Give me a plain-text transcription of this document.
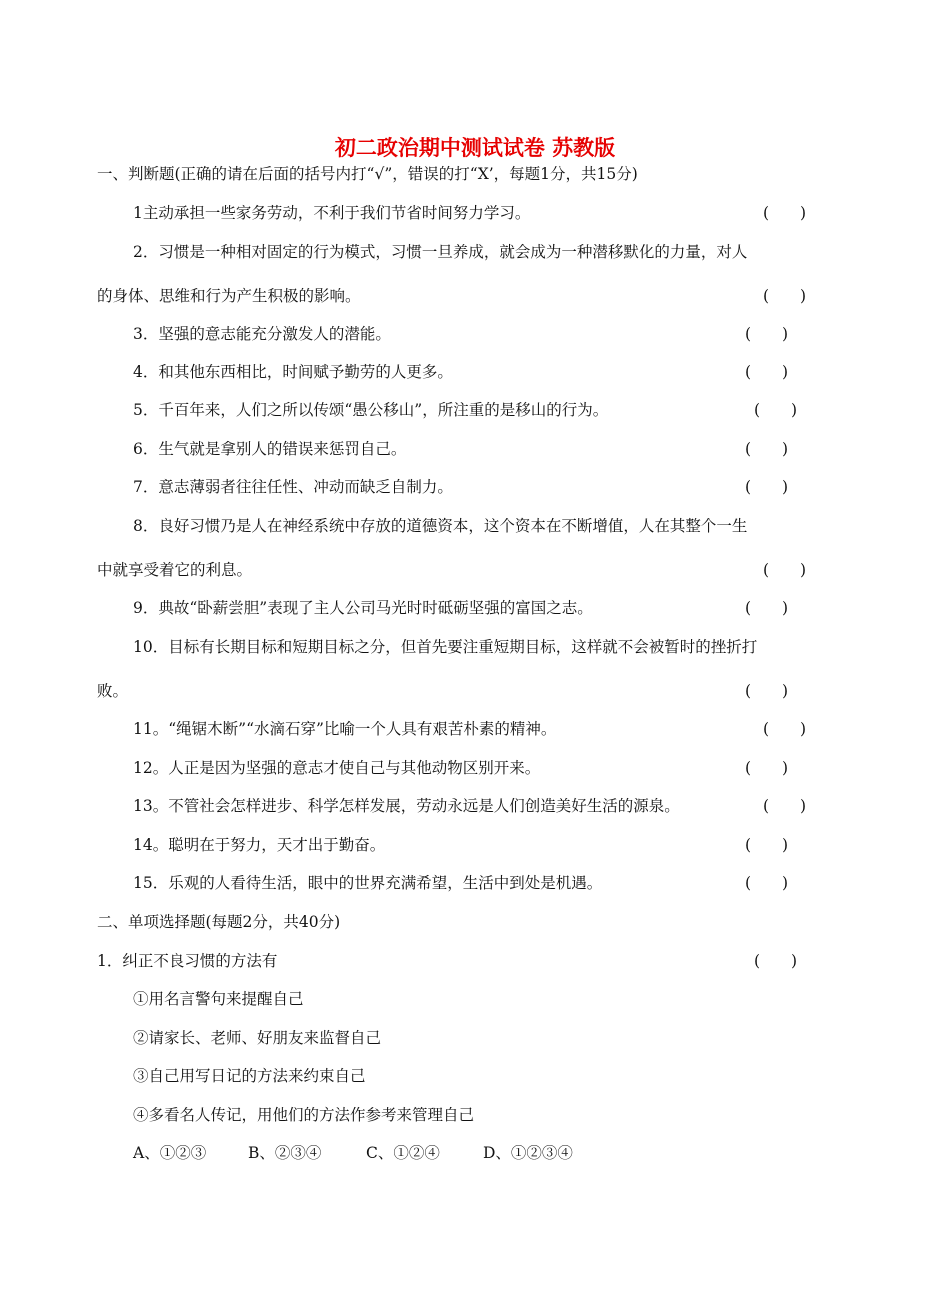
初二政治期中测试试卷 苏教版
一、判断题(正确的请在后面的括号内打“√”，错误的打“X’，每题1分，共15分)
1主动承担一些家务劳动，不利于我们节省时间努力学习。	(　　)
2．习惯是一种相对固定的行为模式，习惯一旦养成，就会成为一种潜移默化的力量，对人
的身体、思维和行为产生积极的影响。	(　　)
3．坚强的意志能充分激发人的潜能。	(　　)
4．和其他东西相比，时间赋予勤劳的人更多。	(　　)
5．千百年来，人们之所以传颂“愚公移山”，所注重的是移山的行为。	(　　)
6．生气就是拿别人的错误来惩罚自己。	(　　)
7．意志薄弱者往往任性、冲动而缺乏自制力。	(　　)
8．良好习惯乃是人在神经系统中存放的道德资本，这个资本在不断增值，人在其整个一生
中就享受着它的利息。	(　　)
9．典故“卧薪尝胆”表现了主人公司马光时时砥砺坚强的富国之志。	(　　)
10．目标有长期目标和短期目标之分，但首先要注重短期目标，这样就不会被暂时的挫折打
败。	(　　)
11。“绳锯木断”“水滴石穿”比喻一个人具有艰苦朴素的精神。	(　　)
12。人正是因为坚强的意志才使自己与其他动物区别开来。	(　　)
13。不管社会怎样进步、科学怎样发展，劳动永远是人们创造美好生活的源泉。	(　　)
14。聪明在于努力，天才出于勤奋。	(　　)
15．乐观的人看待生活，眼中的世界充满希望，生活中到处是机遇。	(　　)
二、单项选择题(每题2分，共40分)
1．纠正不良习惯的方法有	(　　)
①用名言警句来提醒自己
②请家长、老师、好朋友来监督自己
③自己用写日记的方法来约束自己
④多看名人传记，用他们的方法作参考来管理自己
A、①②③	B、②③④	C、①②④	D、①②③④
